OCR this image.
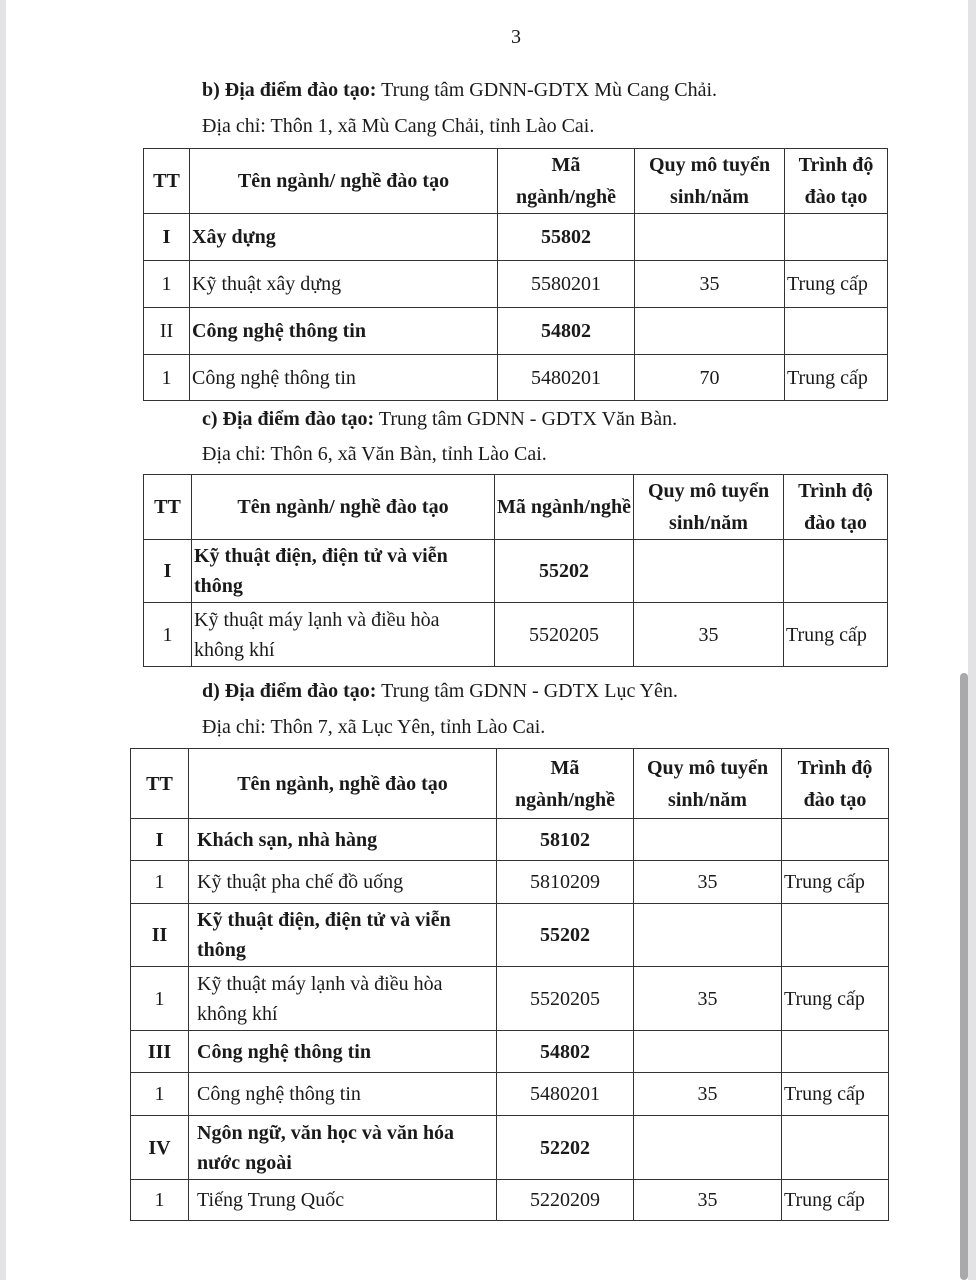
3
b) Địa điểm đào tạo: Trung tâm GDNN-GDTX Mù Cang Chải.
Địa chỉ: Thôn 1, xã Mù Cang Chải, tỉnh Lào Cai.
TT	Tên ngành/ nghề đào tạo	Mã ngành/nghề	Quy mô tuyển sinh/năm	Trình độ đào tạo
I	Xây dựng	55802		
1	Kỹ thuật xây dựng	5580201	35	Trung cấp
II	Công nghệ thông tin	54802		
1	Công nghệ thông tin	5480201	70	Trung cấp
c) Địa điểm đào tạo: Trung tâm GDNN - GDTX Văn Bàn.
Địa chỉ: Thôn 6, xã Văn Bàn, tỉnh Lào Cai.
TT	Tên ngành/ nghề đào tạo	Mã ngành/nghề	Quy mô tuyển sinh/năm	Trình độ đào tạo
I	Kỹ thuật điện, điện tử và viễn thông	55202		
1	Kỹ thuật máy lạnh và điều hòa không khí	5520205	35	Trung cấp
d) Địa điểm đào tạo: Trung tâm GDNN - GDTX Lục Yên.
Địa chỉ: Thôn 7, xã Lục Yên, tỉnh Lào Cai.
TT	Tên ngành, nghề đào tạo	Mã ngành/nghề	Quy mô tuyển sinh/năm	Trình độ đào tạo
I	Khách sạn, nhà hàng	58102		
1	Kỹ thuật pha chế đồ uống	5810209	35	Trung cấp
II	Kỹ thuật điện, điện tử và viễn thông	55202		
1	Kỹ thuật máy lạnh và điều hòa không khí	5520205	35	Trung cấp
III	Công nghệ thông tin	54802		
1	Công nghệ thông tin	5480201	35	Trung cấp
IV	Ngôn ngữ, văn học và văn hóa nước ngoài	52202		
1	Tiếng Trung Quốc	5220209	35	Trung cấp
